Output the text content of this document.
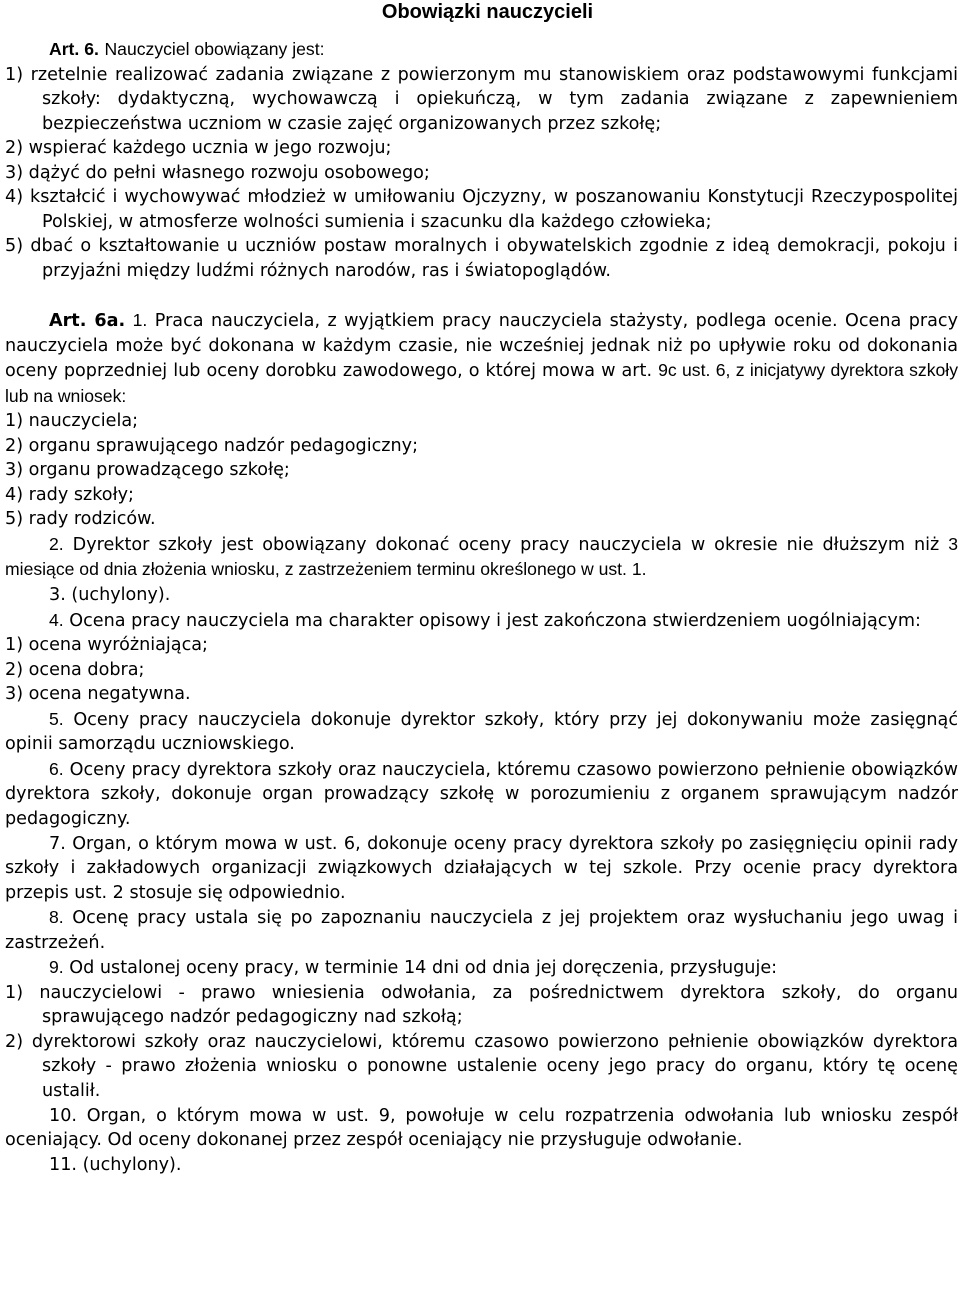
Obowiązki nauczycieli

Art. 6. Nauczyciel obowiązany jest:

1) rzetelnie realizować zadania związane z powierzonym mu stanowiskiem oraz podstawowymi funkcjami szkoły: dydaktyczną, wychowawczą i opiekuńczą, w tym zadania związane z zapewnieniem bezpieczeństwa uczniom w czasie zajęć organizowanych przez szkołę;

2) wspierać każdego ucznia w jego rozwoju;

3) dążyć do pełni własnego rozwoju osobowego;

4) kształcić i wychowywać młodzież w umiłowaniu Ojczyzny, w poszanowaniu Konstytucji Rzeczypospolitej Polskiej, w atmosferze wolności sumienia i szacunku dla każdego człowieka;

5) dbać o kształtowanie u uczniów postaw moralnych i obywatelskich zgodnie z ideą demokracji, pokoju i przyjaźni między ludźmi różnych narodów, ras i światopoglądów.

Art. 6a. 1. Praca nauczyciela, z wyjątkiem pracy nauczyciela stażysty, podlega ocenie. Ocena pracy nauczyciela może być dokonana w każdym czasie, nie wcześniej jednak niż po upływie roku od dokonania oceny poprzedniej lub oceny dorobku zawodowego, o której mowa w art. 9c ust. 6, z inicjatywy dyrektora szkoły lub na wniosek:

1) nauczyciela;

2) organu sprawującego nadzór pedagogiczny;

3) organu prowadzącego szkołę;

4) rady szkoły;

5) rady rodziców.

2. Dyrektor szkoły jest obowiązany dokonać oceny pracy nauczyciela w okresie nie dłuższym niż 3 miesiące od dnia złożenia wniosku, z zastrzeżeniem terminu określonego w ust. 1.

3. (uchylony).

4. Ocena pracy nauczyciela ma charakter opisowy i jest zakończona stwierdzeniem uogólniającym:

1) ocena wyróżniająca;

2) ocena dobra;

3) ocena negatywna.

5. Oceny pracy nauczyciela dokonuje dyrektor szkoły, który przy jej dokonywaniu może zasięgnąć opinii samorządu uczniowskiego.

6. Oceny pracy dyrektora szkoły oraz nauczyciela, któremu czasowo powierzono pełnienie obowiązków dyrektora szkoły, dokonuje organ prowadzący szkołę w porozumieniu z organem sprawującym nadzór pedagogiczny.

7. Organ, o którym mowa w ust. 6, dokonuje oceny pracy dyrektora szkoły po zasięgnięciu opinii rady szkoły i zakładowych organizacji związkowych działających w tej szkole. Przy ocenie pracy dyrektora przepis ust. 2 stosuje się odpowiednio.

8. Ocenę pracy ustala się po zapoznaniu nauczyciela z jej projektem oraz wysłuchaniu jego uwag i zastrzeżeń.

9. Od ustalonej oceny pracy, w terminie 14 dni od dnia jej doręczenia, przysługuje:

1) nauczycielowi - prawo wniesienia odwołania, za pośrednictwem dyrektora szkoły, do organu sprawującego nadzór pedagogiczny nad szkołą;

2) dyrektorowi szkoły oraz nauczycielowi, któremu czasowo powierzono pełnienie obowiązków dyrektora szkoły - prawo złożenia wniosku o ponowne ustalenie oceny jego pracy do organu, który tę ocenę ustalił.

10. Organ, o którym mowa w ust. 9, powołuje w celu rozpatrzenia odwołania lub wniosku zespół oceniający. Od oceny dokonanej przez zespół oceniający nie przysługuje odwołanie.

11. (uchylony).
